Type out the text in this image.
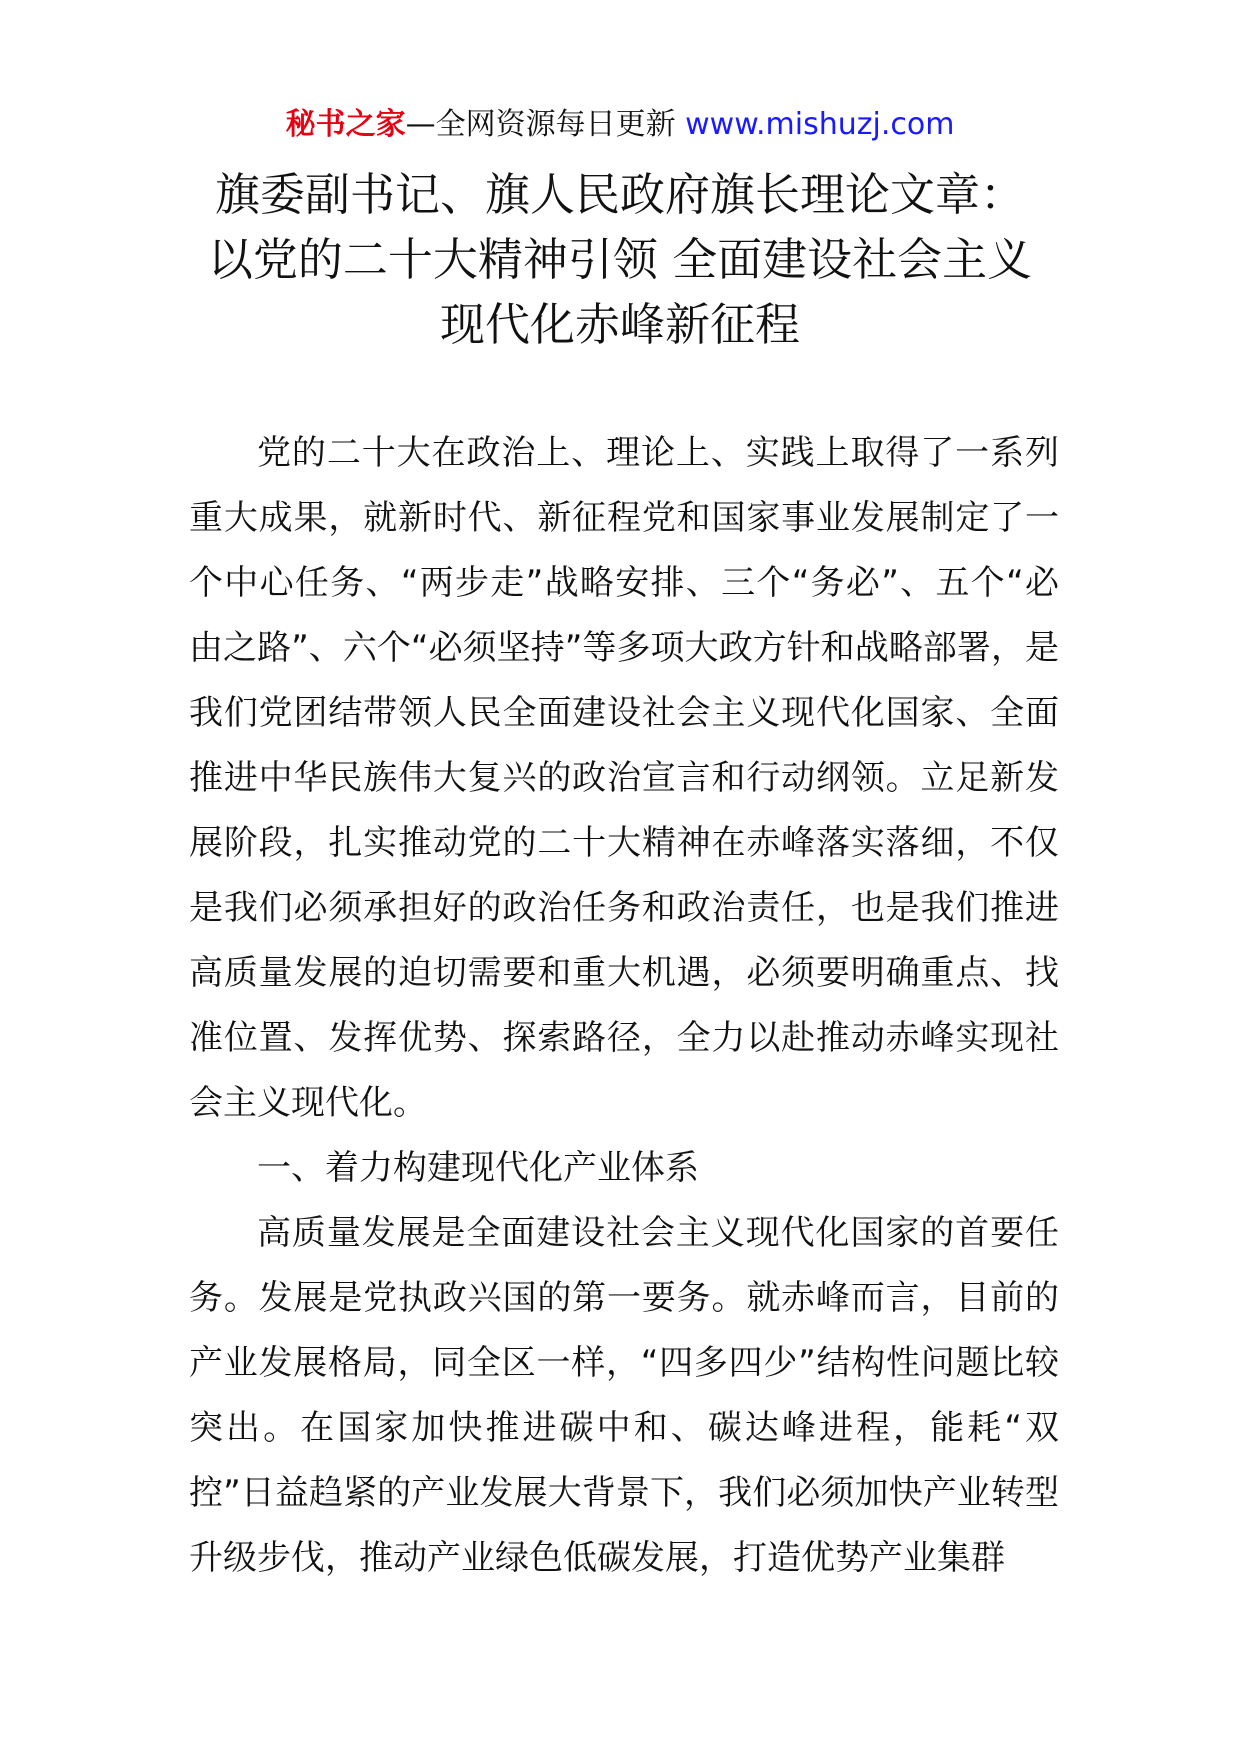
秘书之家—全网资源每日更新 www.mishuzj.com
旗委副书记、旗人民政府旗长理论文章：
以党的二十大精神引领 全面建设社会主义
现代化赤峰新征程

党的二十大在政治上、理论上、实践上取得了一系列重大成果，就新时代、新征程党和国家事业发展制定了一个中心任务、“两步走”战略安排、三个“务必”、五个“必由之路”、六个“必须坚持”等多项大政方针和战略部署，是我们党团结带领人民全面建设社会主义现代化国家、全面推进中华民族伟大复兴的政治宣言和行动纲领。立足新发展阶段，扎实推动党的二十大精神在赤峰落实落细，不仅是我们必须承担好的政治任务和政治责任，也是我们推进高质量发展的迫切需要和重大机遇，必须要明确重点、找准位置、发挥优势、探索路径，全力以赴推动赤峰实现社会主义现代化。

一、着力构建现代化产业体系

高质量发展是全面建设社会主义现代化国家的首要任务。发展是党执政兴国的第一要务。就赤峰而言，目前的产业发展格局，同全区一样，“四多四少”结构性问题比较突出。在国家加快推进碳中和、碳达峰进程，能耗“双控”日益趋紧的产业发展大背景下，我们必须加快产业转型升级步伐，推动产业绿色低碳发展，打造优势产业集群
